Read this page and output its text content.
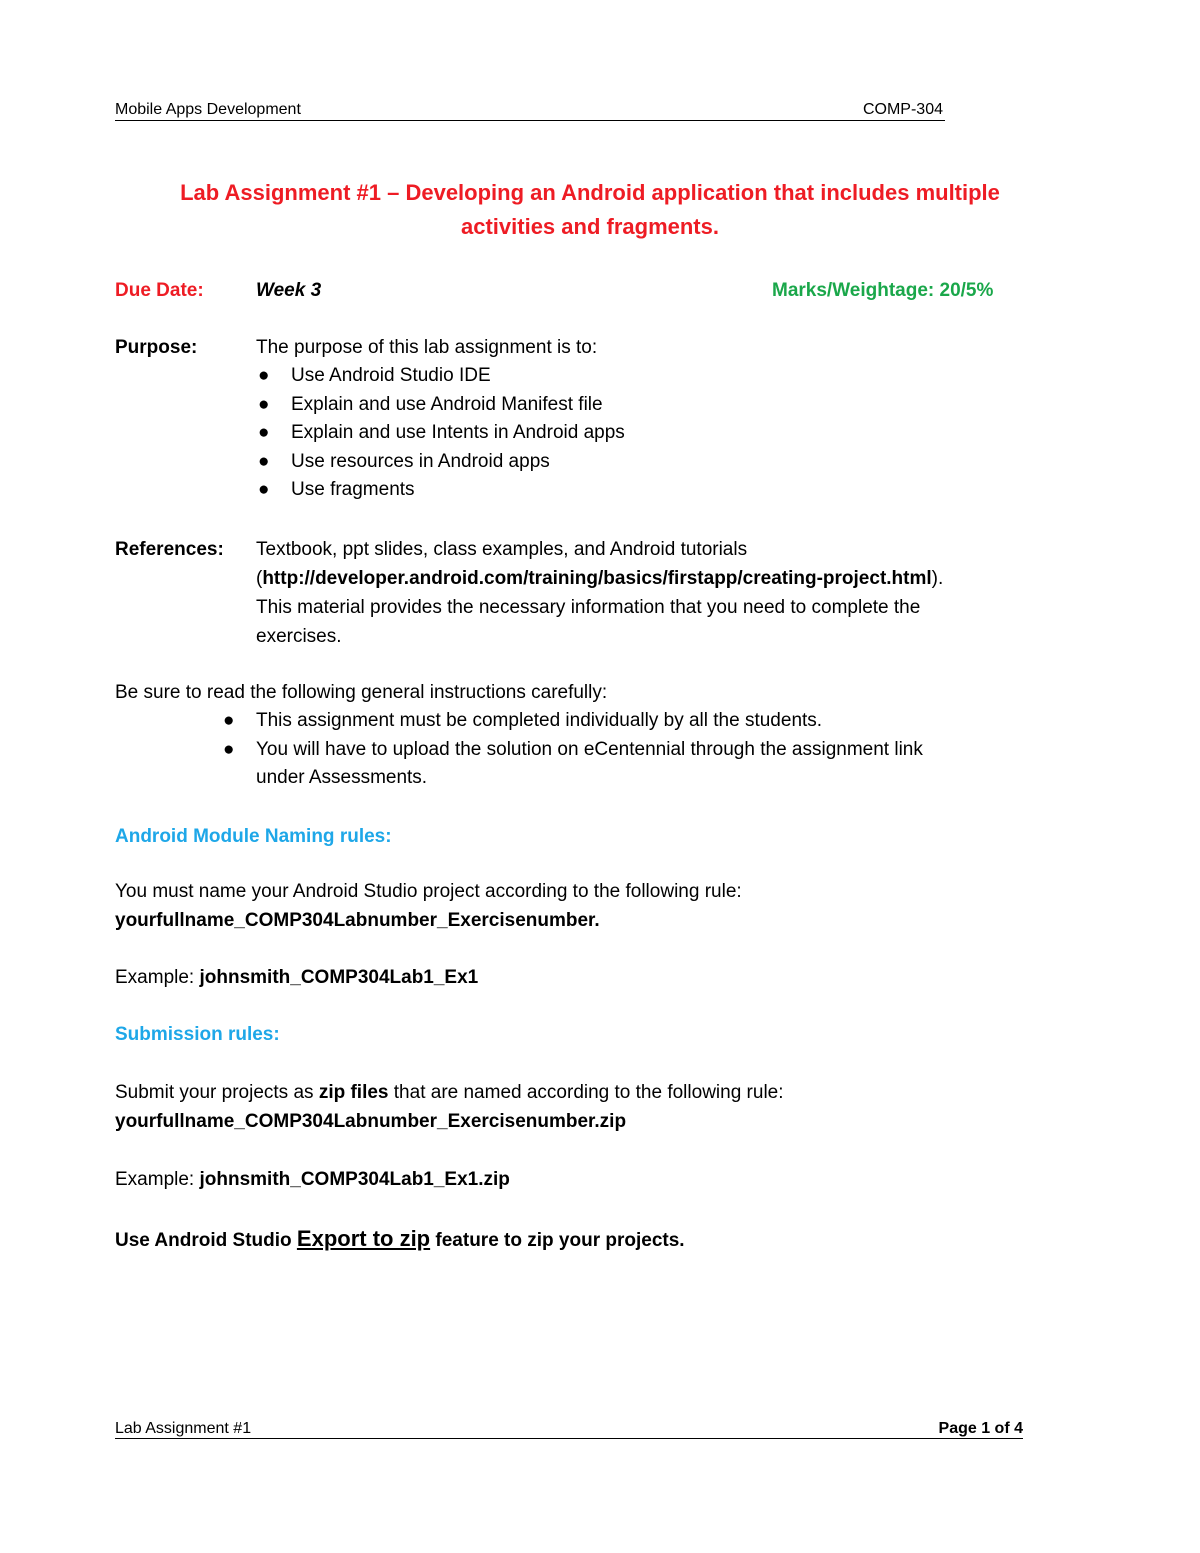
Mobile Apps Development	COMP-304
Lab Assignment #1 – Developing an Android application that includes multiple
activities and fragments.
Due Date:	Week 3	Marks/Weightage: 20/5%
Purpose:	The purpose of this lab assignment is to:
● Use Android Studio IDE
● Explain and use Android Manifest file
● Explain and use Intents in Android apps
● Use resources in Android apps
● Use fragments
References: Textbook, ppt slides, class examples, and Android tutorials
(http://developer.android.com/training/basics/firstapp/creating-project.html).
This material provides the necessary information that you need to complete the
exercises.
Be sure to read the following general instructions carefully:
● This assignment must be completed individually by all the students.
● You will have to upload the solution on eCentennial through the assignment link
under Assessments.
Android Module Naming rules:
You must name your Android Studio project according to the following rule:
yourfullname_COMP304Labnumber_Exercisenumber.
Example: johnsmith_COMP304Lab1_Ex1
Submission rules:
Submit your projects as zip files that are named according to the following rule:
yourfullname_COMP304Labnumber_Exercisenumber.zip
Example: johnsmith_COMP304Lab1_Ex1.zip
Use Android Studio Export to zip feature to zip your projects.
Lab Assignment #1	Page 1 of 4
